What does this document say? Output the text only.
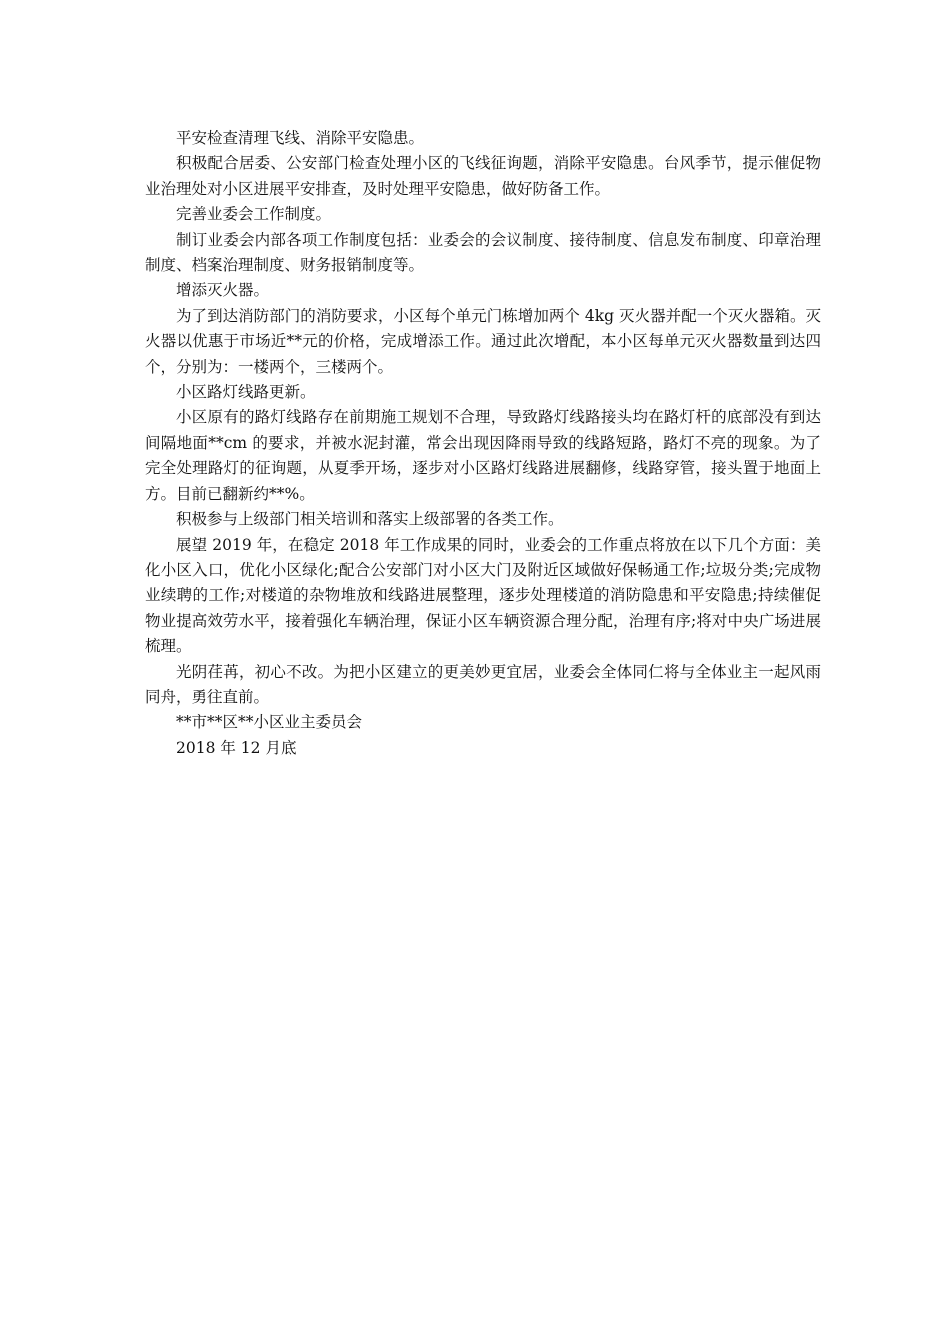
平安检查清理飞线、消除平安隐患。

积极配合居委、公安部门检查处理小区的飞线征询题，消除平安隐患。台风季节，提示催促物业治理处对小区进展平安排查，及时处理平安隐患，做好防备工作。

完善业委会工作制度。

制订业委会内部各项工作制度包括：业委会的会议制度、接待制度、信息发布制度、印章治理制度、档案治理制度、财务报销制度等。

增添灭火器。

为了到达消防部门的消防要求，小区每个单元门栋增加两个 4kg 灭火器并配一个灭火器箱。灭火器以优惠于市场近**元的价格，完成增添工作。通过此次增配，本小区每单元灭火器数量到达四个，分别为：一楼两个，三楼两个。

小区路灯线路更新。

小区原有的路灯线路存在前期施工规划不合理，导致路灯线路接头均在路灯杆的底部没有到达间隔地面**cm 的要求，并被水泥封灌，常会出现因降雨导致的线路短路，路灯不亮的现象。为了完全处理路灯的征询题，从夏季开场，逐步对小区路灯线路进展翻修，线路穿管，接头置于地面上方。目前已翻新约**%。

积极参与上级部门相关培训和落实上级部署的各类工作。

展望 2019 年，在稳定 2018 年工作成果的同时，业委会的工作重点将放在以下几个方面：美化小区入口，优化小区绿化;配合公安部门对小区大门及附近区域做好保畅通工作;垃圾分类;完成物业续聘的工作;对楼道的杂物堆放和线路进展整理，逐步处理楼道的消防隐患和平安隐患;持续催促物业提高效劳水平，接着强化车辆治理，保证小区车辆资源合理分配，治理有序;将对中央广场进展梳理。

光阴荏苒，初心不改。为把小区建立的更美妙更宜居，业委会全体同仁将与全体业主一起风雨同舟，勇往直前。

**市**区**小区业主委员会

2018 年 12 月底
